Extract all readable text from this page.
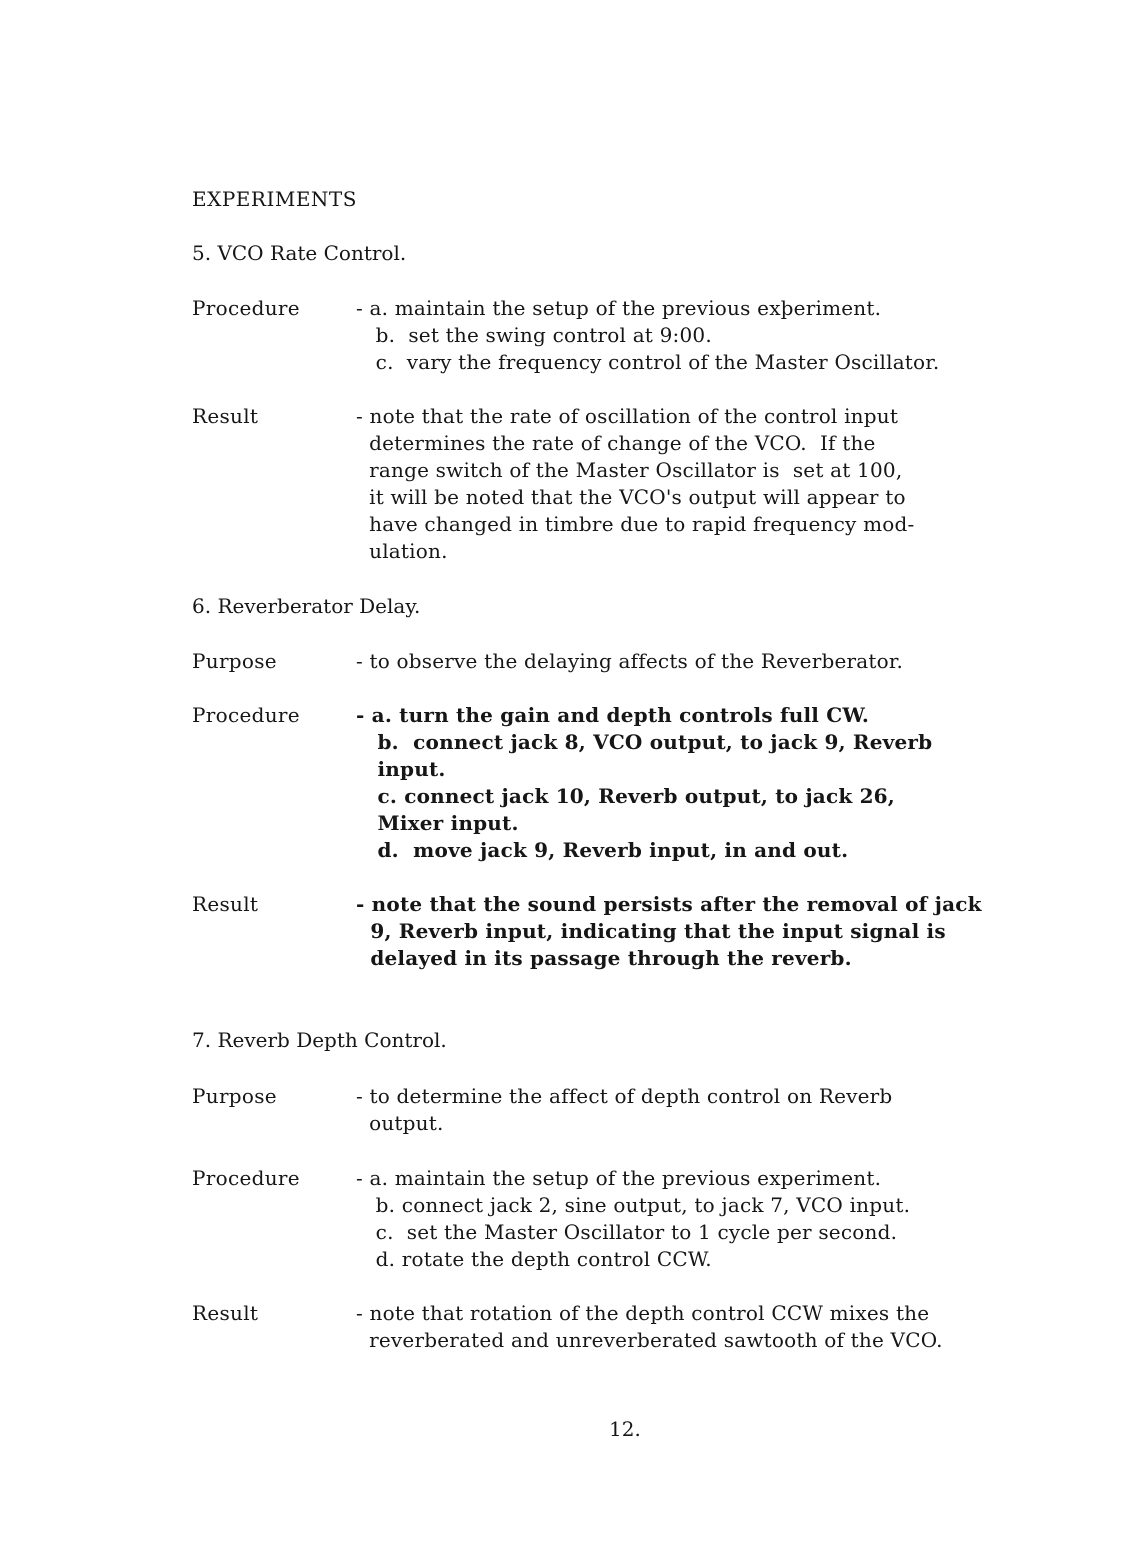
EXPERIMENTS
5. VCO Rate Control.
Procedure	- a. maintain the setup of the previous exþeriment.
b.  set the swing control at 9:00.
c.  vary the frequency control of the Master Oscillator.
Result	- note that the rate of oscillation of the control input
determines the rate of change of the VCO.  If the
range switch of the Master Oscillator is  set at 100,
it will be noted that the VCO's output will appear to
have changed in timbre due to rapid frequency mod-
ulation.
6. Reverberator Delay.
Purpose	- to observe the delaying affects of the Reverberator.
Procedure	- a. turn the gain and depth controls full CW.
b.  connect jack 8, VCO output, to jack 9, Reverb
input.
c. connect jack 10, Reverb output, to jack 26,
Mixer input.
d.  move jack 9, Reverb input, in and out.
Result	- note that the sound persists after the removal of jack
9, Reverb input, indicating that the input signal is
delayed in its passage through the reverb.
7. Reverb Depth Control.
Purpose	- to determine the affect of depth control on Reverb
output.
Procedure	- a. maintain the setup of the previous experiment.
b. connect jack 2, sine output, to jack 7, VCO input.
c.  set the Master Oscillator to 1 cycle per second.
d. rotate the depth control CCW.
Result	- note that rotation of the depth control CCW mixes the
reverberated and unreverberated sawtooth of the VCO.
12.
